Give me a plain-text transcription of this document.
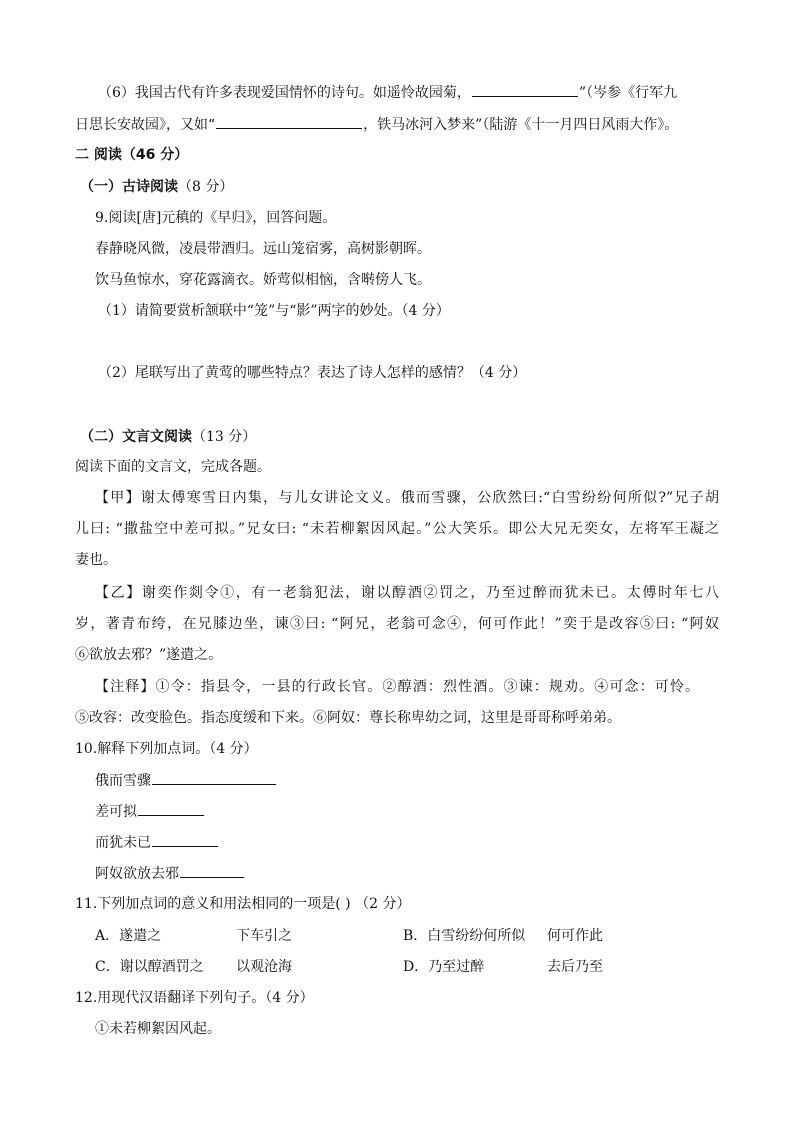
（6）我国古代有许多表现爱国情怀的诗句。如遥怜故园菊，	”（岑参《行军九
日思长安故园》，又如“	，铁马冰河入梦来”（陆游《十一月四日风雨大作》。
二 阅读（46 分）
（一）古诗阅读（8 分）
9.阅读[唐]元稹的《早归》，回答问题。
春静晓风微，凌晨带酒归。远山笼宿雾，高树影朝晖。
饮马鱼惊水，穿花露滴衣。娇莺似相恼，含啭傍人飞。
（1）请简要赏析颔联中“笼”与“影”两字的妙处。（4 分）
（2）尾联写出了黄莺的哪些特点？表达了诗人怎样的感情？（4 分）
（二）文言文阅读（13 分）
阅读下面的文言文，完成各题。
【甲】谢太傅寒雪日内集，与儿女讲论文义。俄而雪骤，公欣然曰:“白雪纷纷何所似?”兄子胡
儿曰: “撒盐空中差可拟。”兄女曰: “未若柳絮因风起。”公大笑乐。即公大兄无奕女，左将军王凝之
妻也。
【乙】谢奕作剡令①，有一老翁犯法，谢以醇酒②罚之，乃至过醉而犹未已。太傅时年七八
岁，著青布绔，在兄膝边坐，谏③曰: “阿兄，老翁可念④，何可作此！”奕于是改容⑤曰: “阿奴
⑥欲放去邪？”遂遣之。
【注释】①令：指县令，一县的行政长官。②醇酒：烈性酒。③谏：规劝。④可念：可怜。
⑤改容：改变脸色。指态度缓和下来。⑥阿奴：尊长称卑幼之词，这里是哥哥称呼弟弟。
10.解释下列加点词。（4 分）
俄而雪骤
差可拟
而犹未已
阿奴欲放去邪
11.下列加点词的意义和用法相同的一项是( ) （2 分）
A．遂遣之	下车引之	B．白雪纷纷何所似 何可作此
C．谢以醇酒罚之 以观沧海	D．乃至过醉	去后乃至
12.用现代汉语翻译下列句子。（4 分）
①未若柳絮因风起。
